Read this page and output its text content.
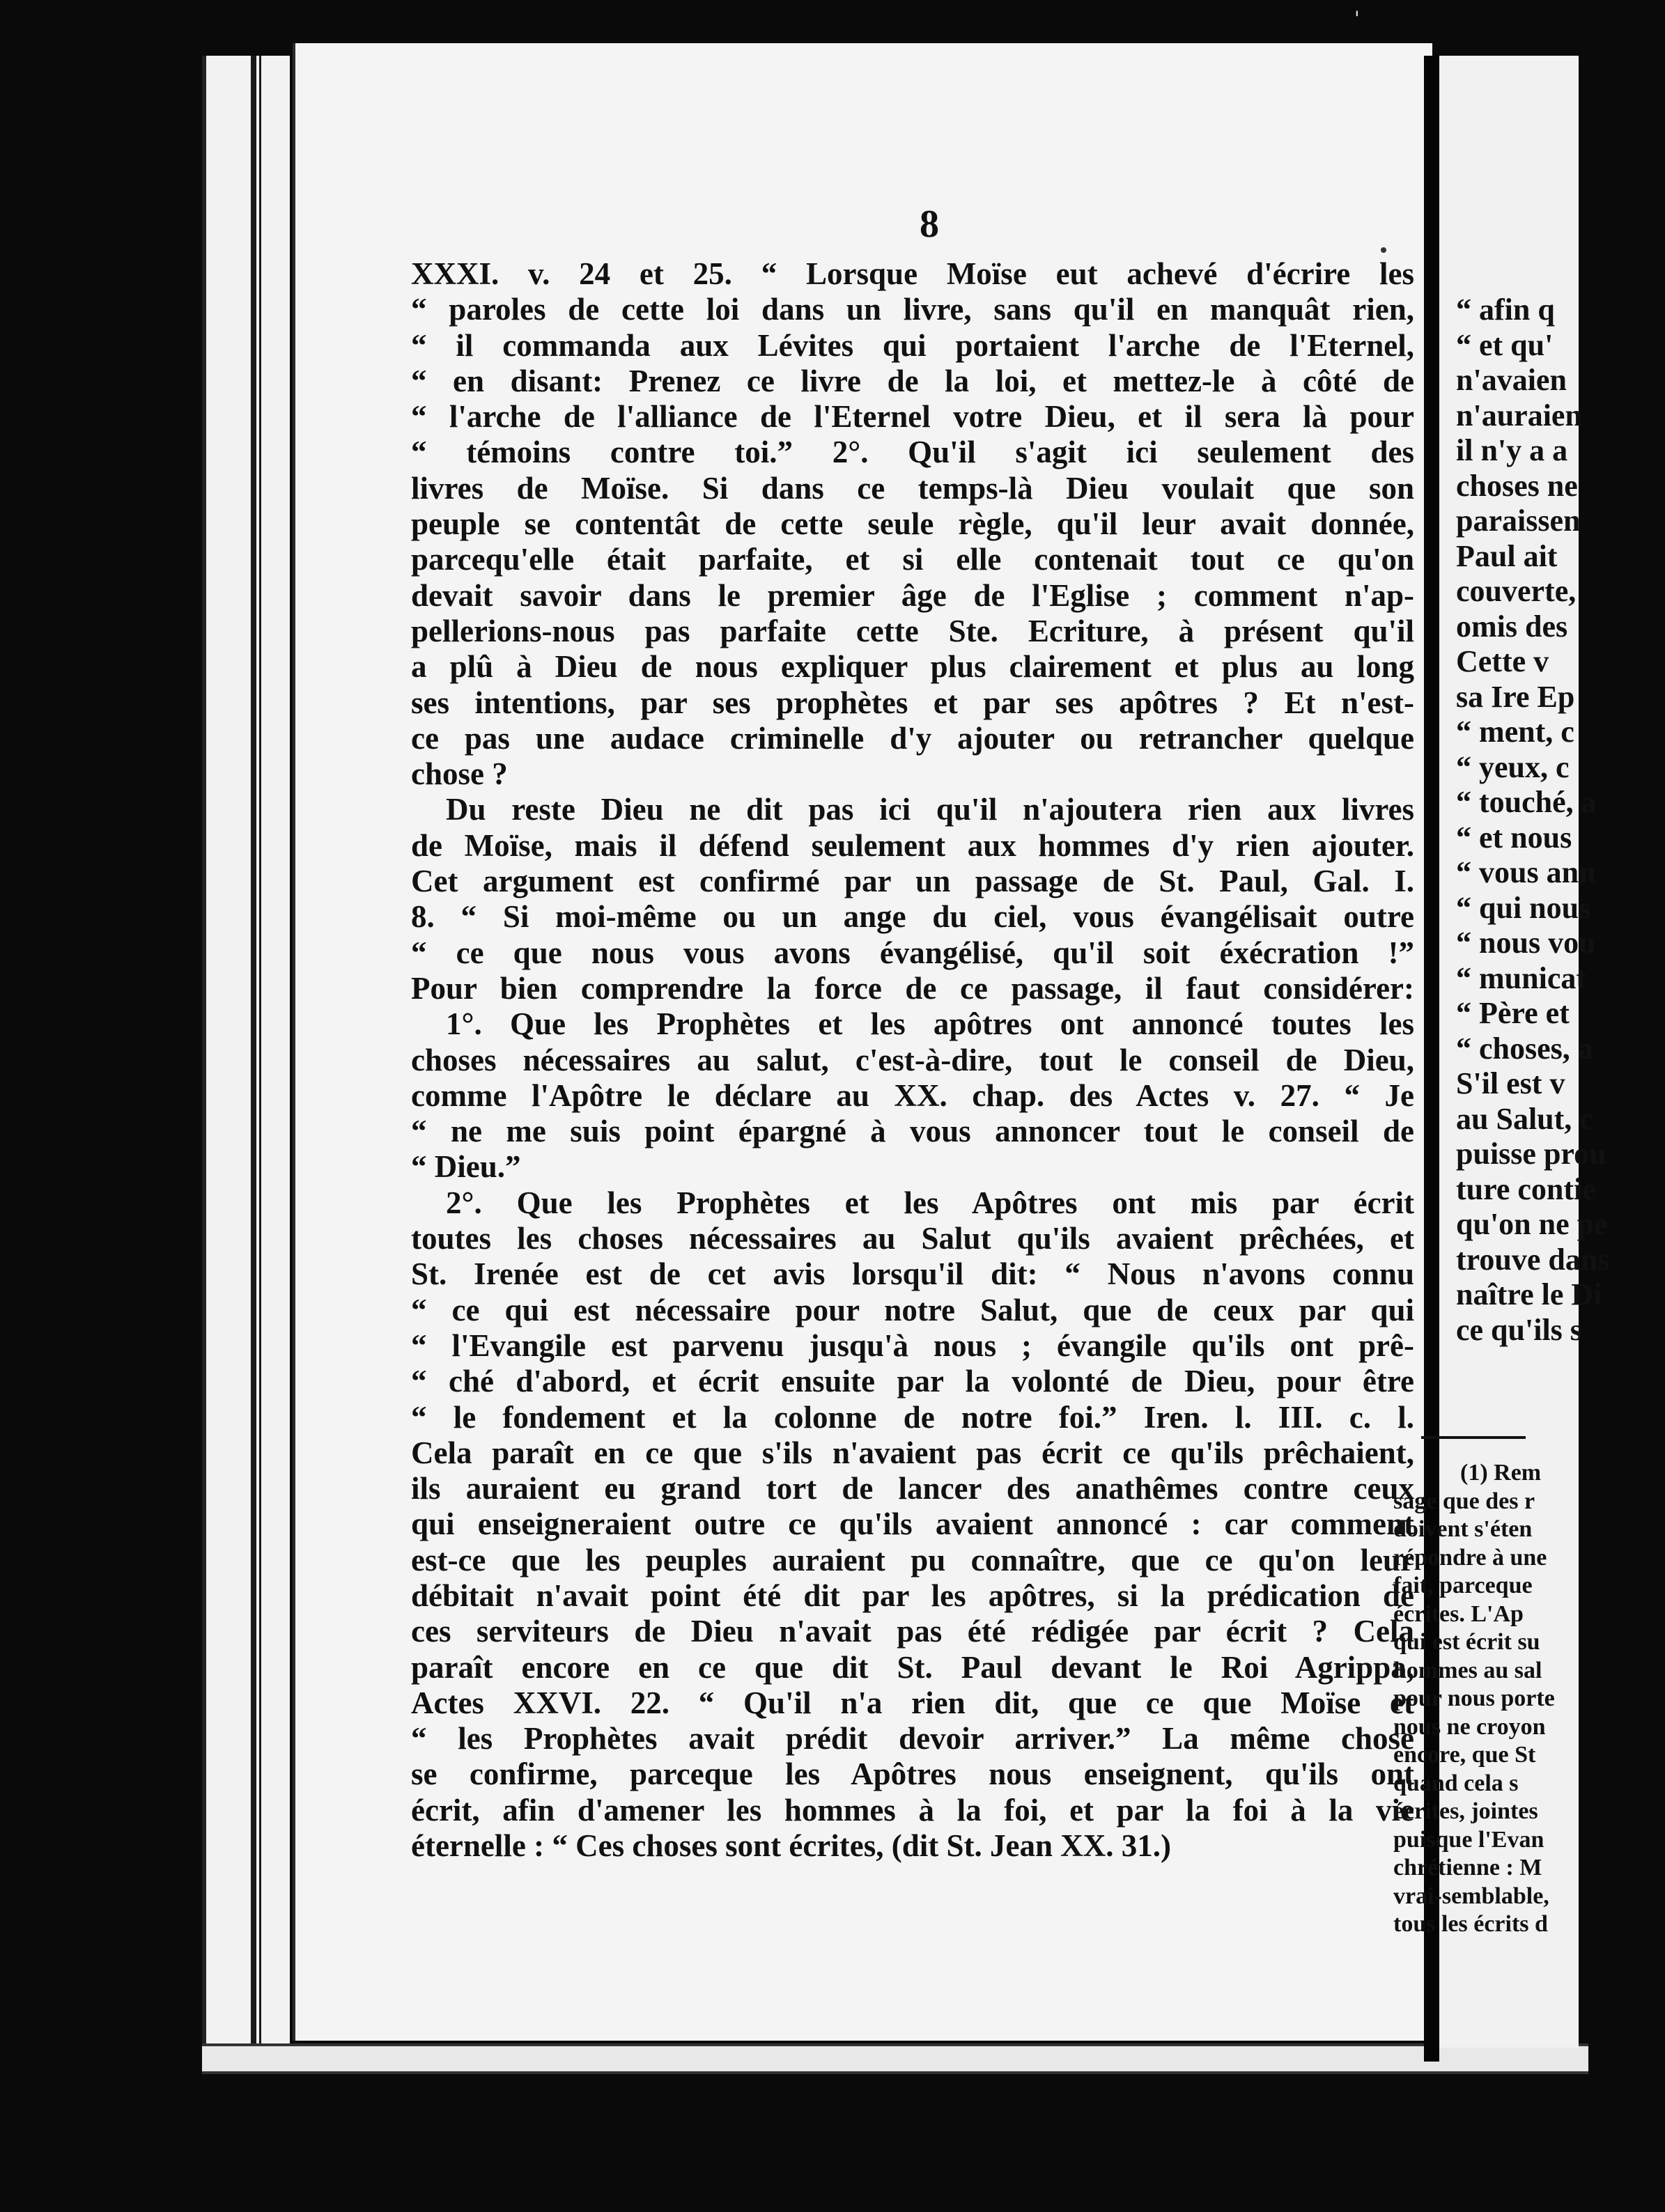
'
8
XXXI. v. 24 et 25. “ Lorsque Moïse eut achevé d'écrire les
“ paroles de cette loi dans un livre, sans qu'il en manquât rien,
“ il commanda aux Lévites qui portaient l'arche de l'Eternel,
“ en disant: Prenez ce livre de la loi, et mettez-le à côté de
“ l'arche de l'alliance de l'Eternel votre Dieu, et il sera là pour
“ témoins contre toi.” 2°. Qu'il s'agit ici seulement des
livres de Moïse. Si dans ce temps-là Dieu voulait que son
peuple se contentât de cette seule règle, qu'il leur avait donnée,
parcequ'elle était parfaite, et si elle contenait tout ce qu'on
devait savoir dans le premier âge de l'Eglise ; comment n'ap-
pellerions-nous pas parfaite cette Ste. Ecriture, à présent qu'il
a plû à Dieu de nous expliquer plus clairement et plus au long
ses intentions, par ses prophètes et par ses apôtres ? Et n'est-
ce pas une audace criminelle d'y ajouter ou retrancher quelque
chose ?
Du reste Dieu ne dit pas ici qu'il n'ajoutera rien aux livres
de Moïse, mais il défend seulement aux hommes d'y rien ajouter.
Cet argument est confirmé par un passage de St. Paul, Gal. I.
8. “ Si moi-même ou un ange du ciel, vous évangélisait outre
“ ce que nous vous avons évangélisé, qu'il soit éxécration !”
Pour bien comprendre la force de ce passage, il faut considérer:
1°. Que les Prophètes et les apôtres ont annoncé toutes les
choses nécessaires au salut, c'est-à-dire, tout le conseil de Dieu,
comme l'Apôtre le déclare au XX. chap. des Actes v. 27. “ Je
“ ne me suis point épargné à vous annoncer tout le conseil de
“ Dieu.”
2°. Que les Prophètes et les Apôtres ont mis par écrit
toutes les choses nécessaires au Salut qu'ils avaient prêchées, et
St. Irenée est de cet avis lorsqu'il dit: “ Nous n'avons connu
“ ce qui est nécessaire pour notre Salut, que de ceux par qui
“ l'Evangile est parvenu jusqu'à nous ; évangile qu'ils ont prê-
“ ché d'abord, et écrit ensuite par la volonté de Dieu, pour être
“ le fondement et la colonne de notre foi.” Iren. l. III. c. l.
Cela paraît en ce que s'ils n'avaient pas écrit ce qu'ils prêchaient,
ils auraient eu grand tort de lancer des anathêmes contre ceux
qui enseigneraient outre ce qu'ils avaient annoncé : car comment
est-ce que les peuples auraient pu connaître, que ce qu'on leur
débitait n'avait point été dit par les apôtres, si la prédication de
ces serviteurs de Dieu n'avait pas été rédigée par écrit ? Cela
paraît encore en ce que dit St. Paul devant le Roi Agrippa,
Actes XXVI. 22. “ Qu'il n'a rien dit, que ce que Moïse et
“ les Prophètes avait prédit devoir arriver.” La même chose
se confirme, parceque les Apôtres nous enseignent, qu'ils ont
écrit, afin d'amener les hommes à la foi, et par la foi à la vie
éternelle : “ Ces choses sont écrites, (dit St. Jean XX. 31.)
“ afin q
“ et qu'
n'avaien
n'auraien
il n'y a a
choses ne
paraissen
Paul ait
couverte,
omis des
Cette v
sa Ire Ep
“ ment, c
“ yeux, c
“ touché, a
“ et nous
“ vous ann
“ qui nous
“ nous vou
“ municat
“ Père et
“ choses, a
S'il est v
au Salut, c
puisse prou
ture contie
qu'on ne pe
trouve dans
naître le Di
ce qu'ils s
(1) Rem
sage que des r
doivent s'éten
répondre à une
fait, parceque
écrites. L'Ap
qui est écrit su
hommes au sal
pour nous porte
nous ne croyon
encore, que St
quand cela s
écrites, jointes
puisque l'Evan
chrétienne : M
vrai-semblable,
tous les écrits d
